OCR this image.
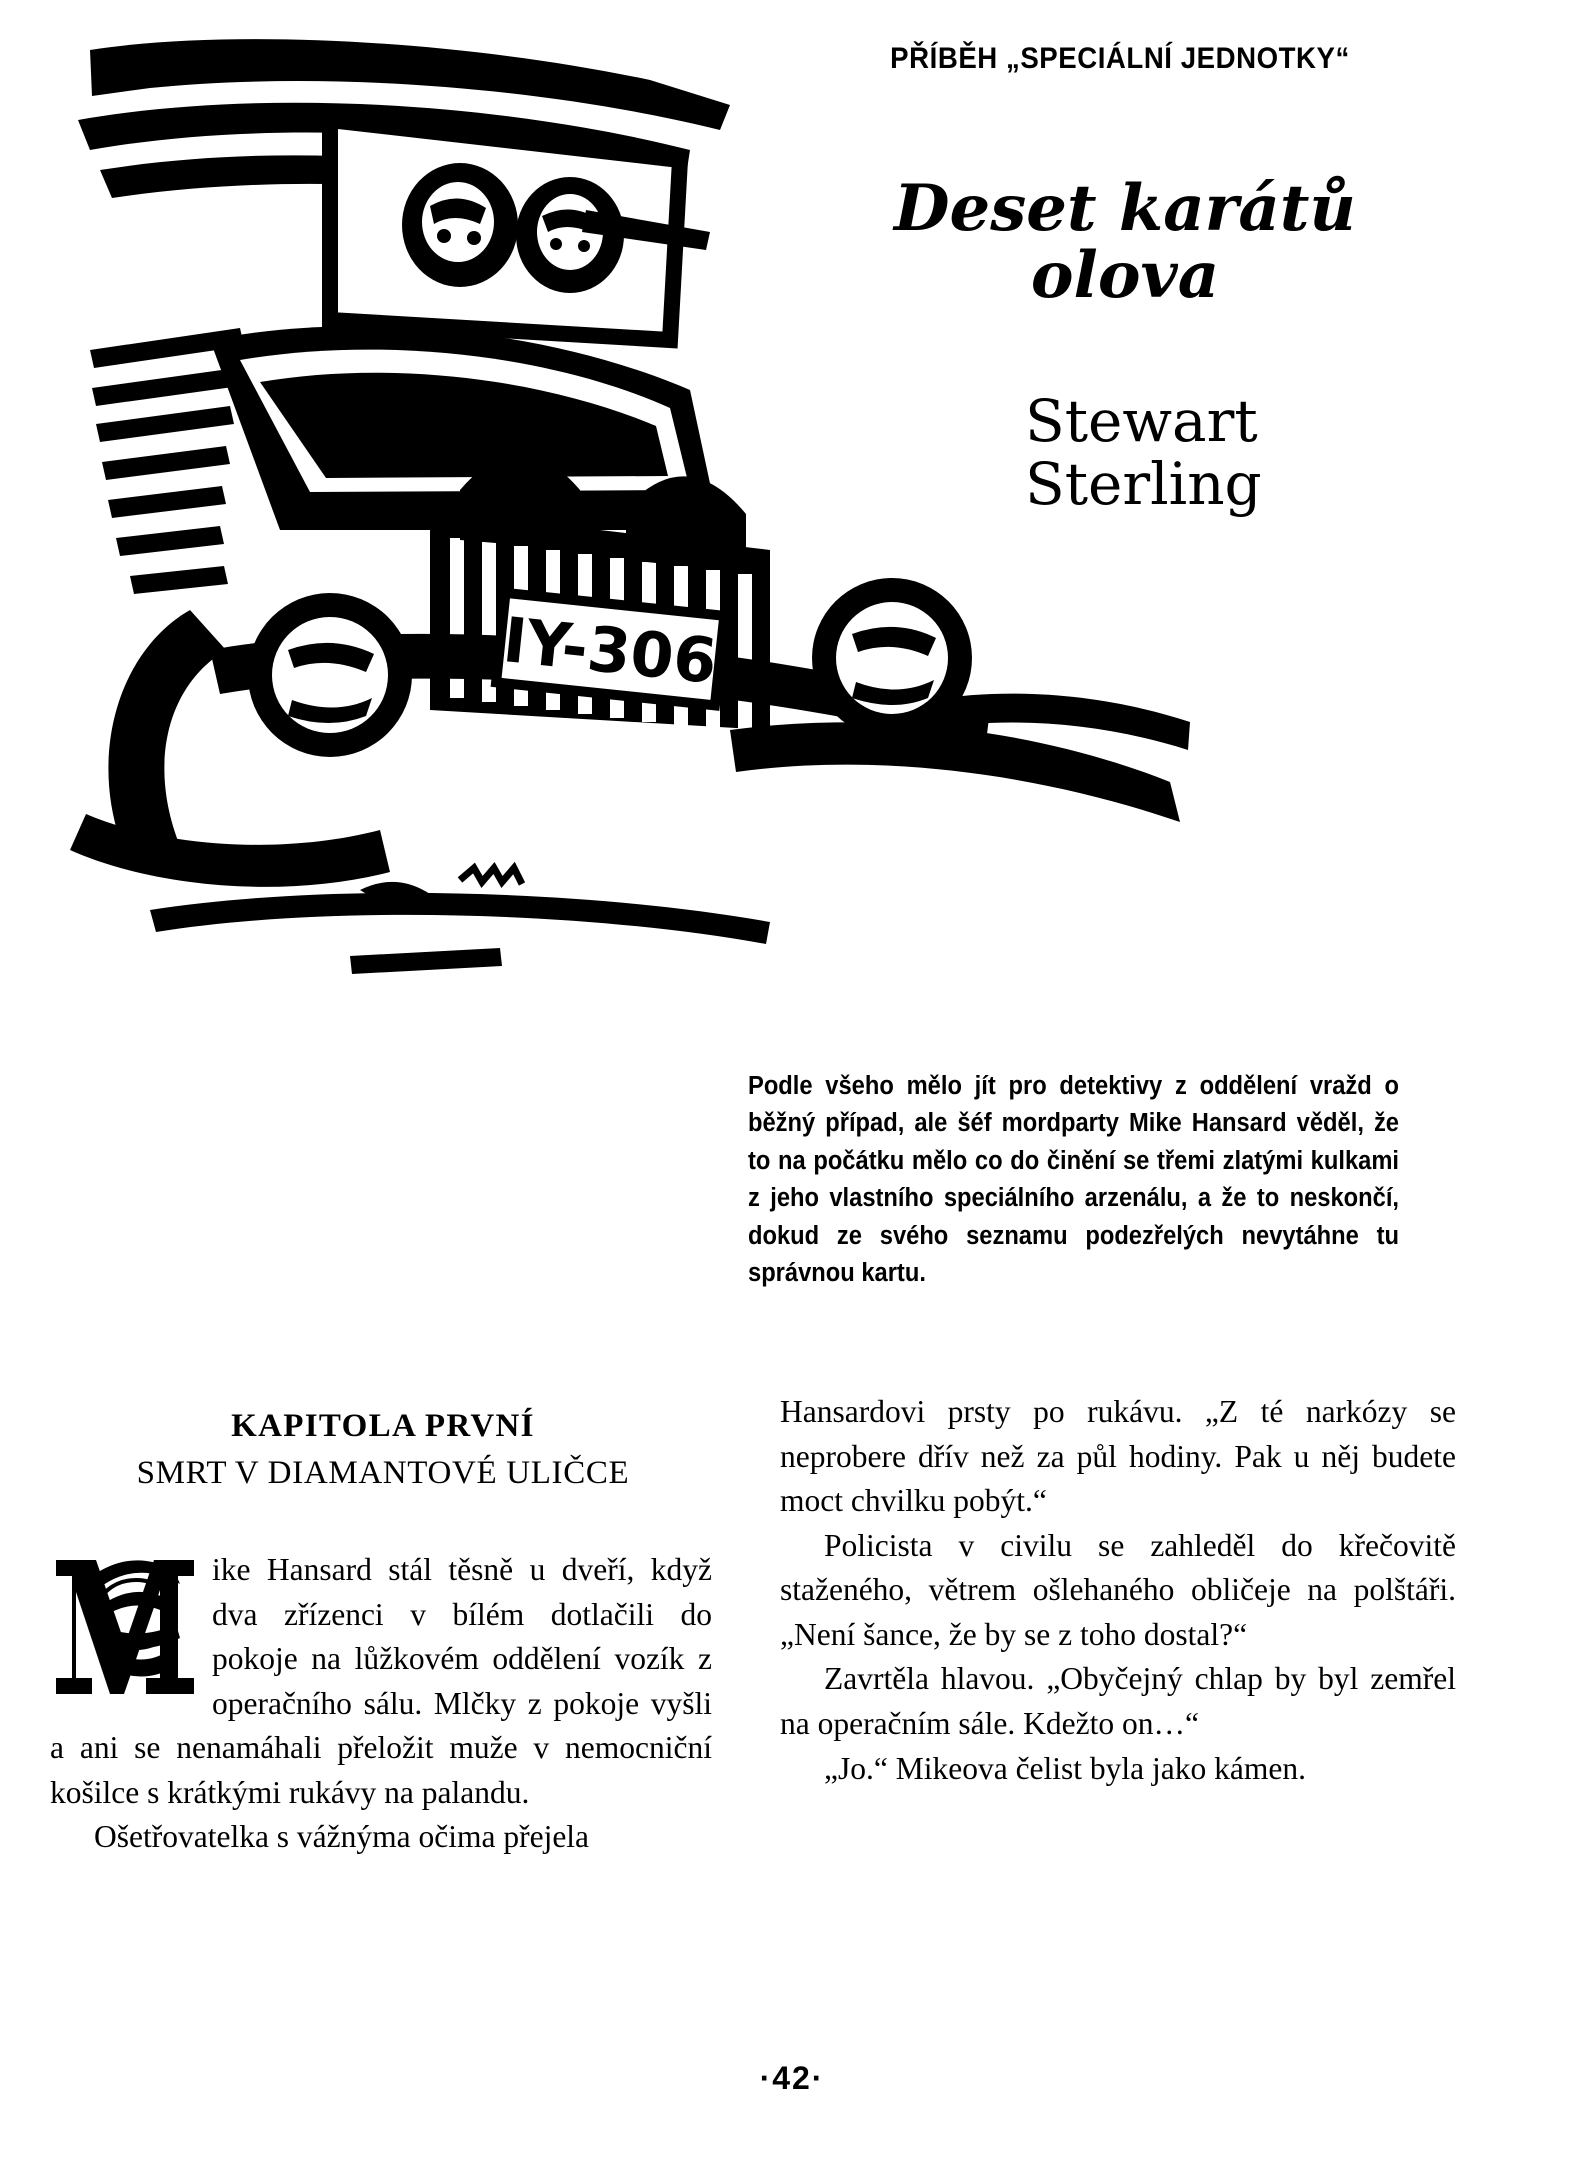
IY-306
PŘÍBĚH „SPECIÁLNÍ JEDNOTKY“
Deset karátů
olova
Stewart
Sterling
Podle všeho mělo jít pro detektivy z oddělení vražd o běžný případ, ale šéf mordparty Mike Hansard věděl, že to na počátku mělo co do činění se třemi zlatými kulkami z jeho vlastního speciálního arzenálu, a že to neskončí, dokud ze svého seznamu podezřelých nevytáhne tu správnou kartu.
KAPITOLA PRVNÍ
SMRT V DIAMANTOVÉ ULIČCE

ike Hansard stál těsně u dveří, když dva zřízenci v bílém dotlačili do pokoje na lůžkovém oddělení vozík z operačního sálu. Mlčky z pokoje vyšli a ani se nenamáhali přeložit muže v nemocniční košilce s krátkými rukávy na palandu.

Ošetřovatelka s vážnýma očima přejela

Hansardovi prsty po rukávu. „Z té narkózy se neprobere dřív než za půl hodiny. Pak u něj budete moct chvilku pobýt.“

Policista v civilu se zahleděl do křečovitě staženého, větrem ošlehaného obličeje na polštáři. „Není šance, že by se z toho dostal?“

Zavrtěla hlavou. „Obyčejný chlap by byl zemřel na operačním sále. Kdežto on…“

„Jo.“ Mikeova čelist byla jako kámen.

·42·
